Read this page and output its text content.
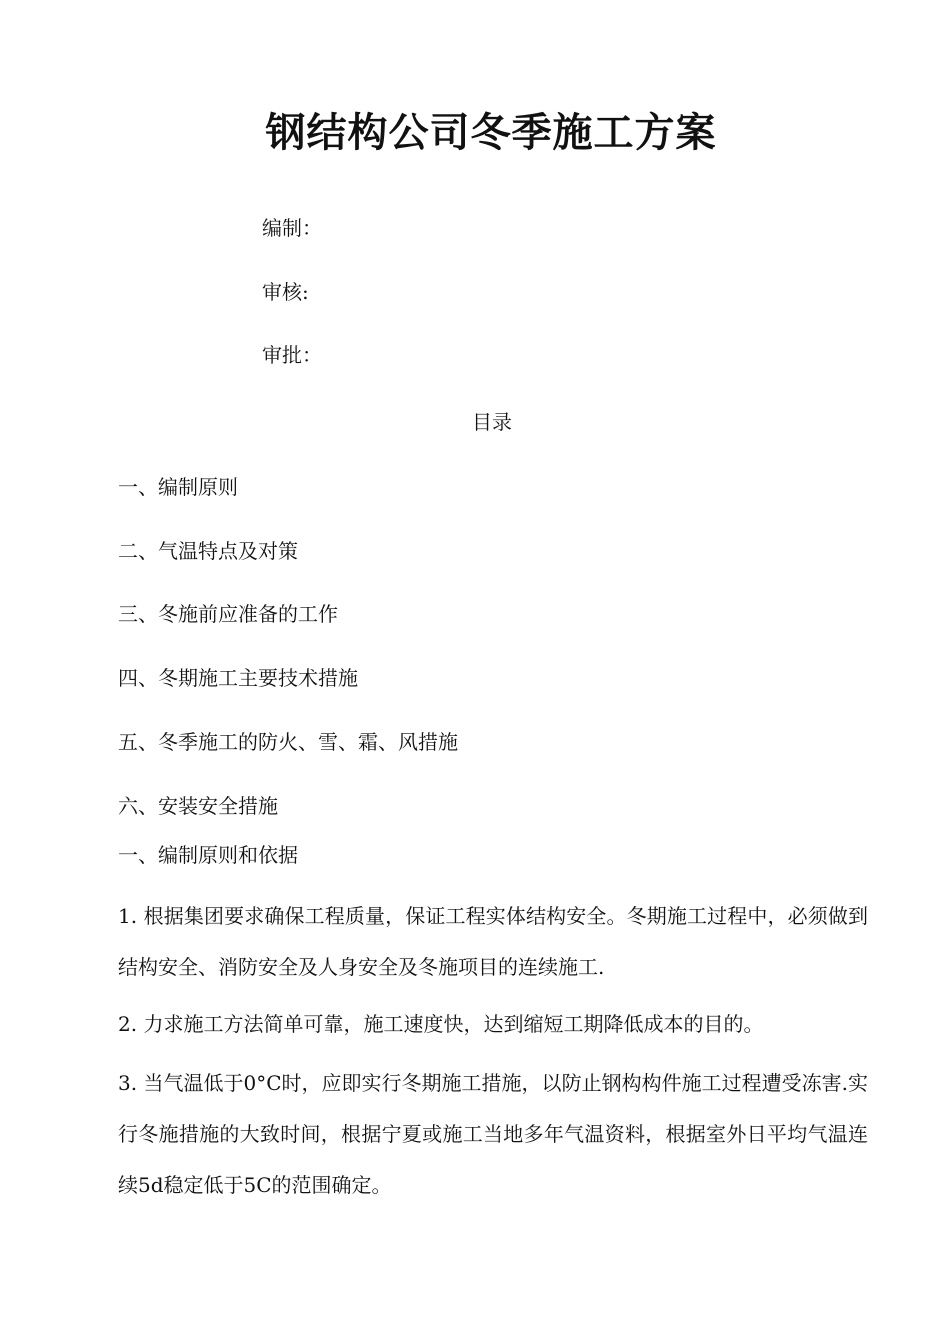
钢结构公司冬季施工方案
编制：
审核:
审批：
目录
一、编制原则
二、气温特点及对策
三、冬施前应准备的工作
四、冬期施工主要技术措施
五、冬季施工的防火、雪、霜、风措施
六、安装安全措施
一、编制原则和依据

1. 根据集团要求确保工程质量，保证工程实体结构安全。冬期施工过程中，必须做到结构安全、消防安全及人身安全及冬施项目的连续施工.

2. 力求施工方法简单可靠，施工速度快，达到缩短工期降低成本的目的。

3. 当气温低于0°C时，应即实行冬期施工措施，以防止钢构构件施工过程遭受冻害.实行冬施措施的大致时间，根据宁夏或施工当地多年气温资料，根据室外日平均气温连续5d稳定低于5C的范围确定。
